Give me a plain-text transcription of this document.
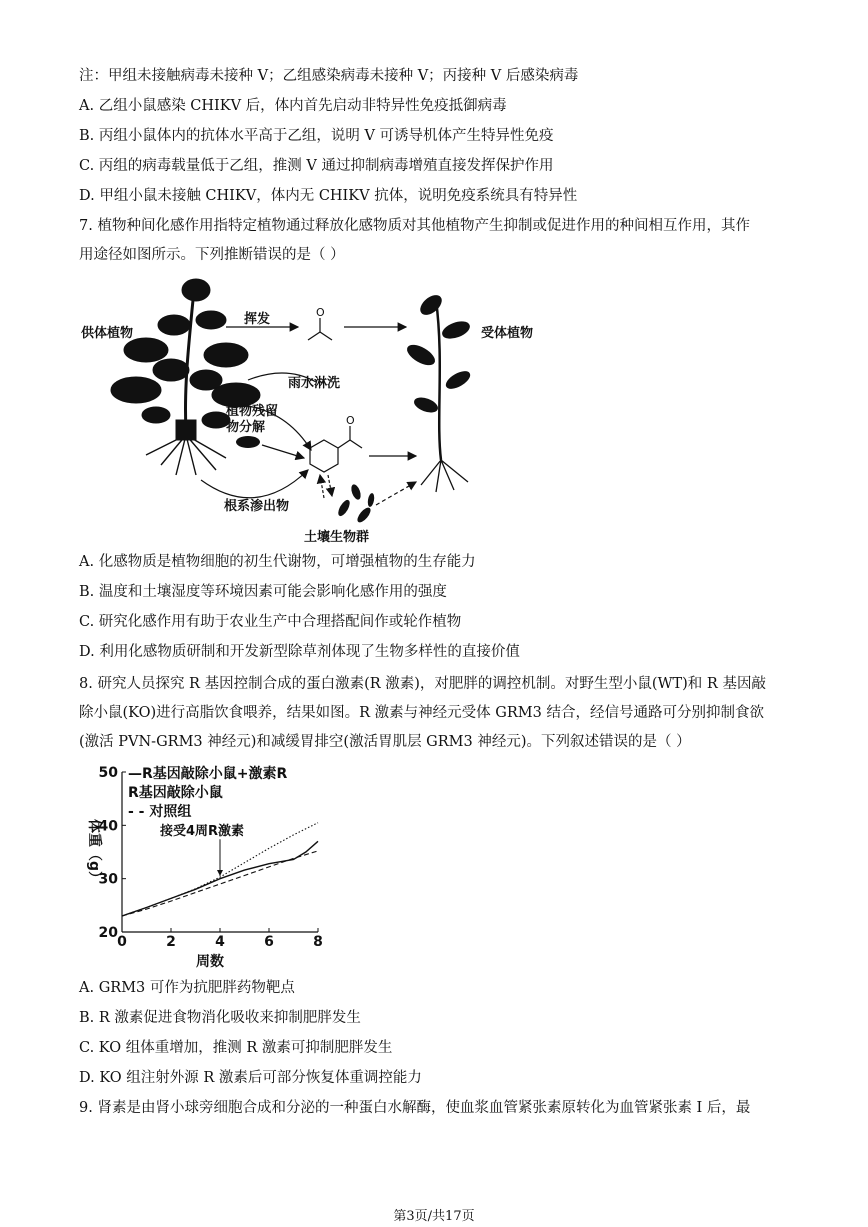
注：甲组未接触病毒未接种 V；乙组感染病毒未接种 V；丙接种 V 后感染病毒
A. 乙组小鼠感染 CHIKV 后，体内首先启动非特异性免疫抵御病毒
B. 丙组小鼠体内的抗体水平高于乙组，说明 V 可诱导机体产生特异性免疫
C. 丙组的病毒载量低于乙组，推测 V 通过抑制病毒增殖直接发挥保护作用
D. 甲组小鼠未接触 CHIKV，体内无 CHIKV 抗体，说明免疫系统具有特异性
7. 植物种间化感作用指特定植物通过释放化感物质对其他植物产生抑制或促进作用的种间相互作用，其作
用途径如图所示。下列推断错误的是（ ）
O
O
供体植物	受体植物
挥发
雨水淋洗
植物残留
物分解
根系渗出物
土壤生物群
A. 化感物质是植物细胞的初生代谢物，可增强植物的生存能力
B. 温度和土壤湿度等环境因素可能会影响化感作用的强度
C. 研究化感作用有助于农业生产中合理搭配间作或轮作植物
D. 利用化感物质研制和开发新型除草剂体现了生物多样性的直接价值
8. 研究人员探究 R 基因控制合成的蛋白激素(R 激素)，对肥胖的调控机制。对野生型小鼠(WT)和 R 基因敲
除小鼠(KO)进行高脂饮食喂养，结果如图。R 激素与神经元受体 GRM3 结合，经信号通路可分别抑制食欲
(激活 PVN-GRM3 神经元)和减缓胃排空(激活胃肌层 GRM3 神经元)。下列叙述错误的是（ ）
20
30
40
50
0	2	4	6	8
周数
体重（g）
—R基因敲除小鼠+激素R
R基因敲除小鼠
- - 对照组
接受4周R激素
A. GRM3 可作为抗肥胖药物靶点
B. R 激素促进食物消化吸收来抑制肥胖发生
C. KO 组体重增加，推测 R 激素可抑制肥胖发生
D. KO 组注射外源 R 激素后可部分恢复体重调控能力
9. 肾素是由肾小球旁细胞合成和分泌的一种蛋白水解酶，使血浆血管紧张素原转化为血管紧张素 I 后，最
第3页/共17页
